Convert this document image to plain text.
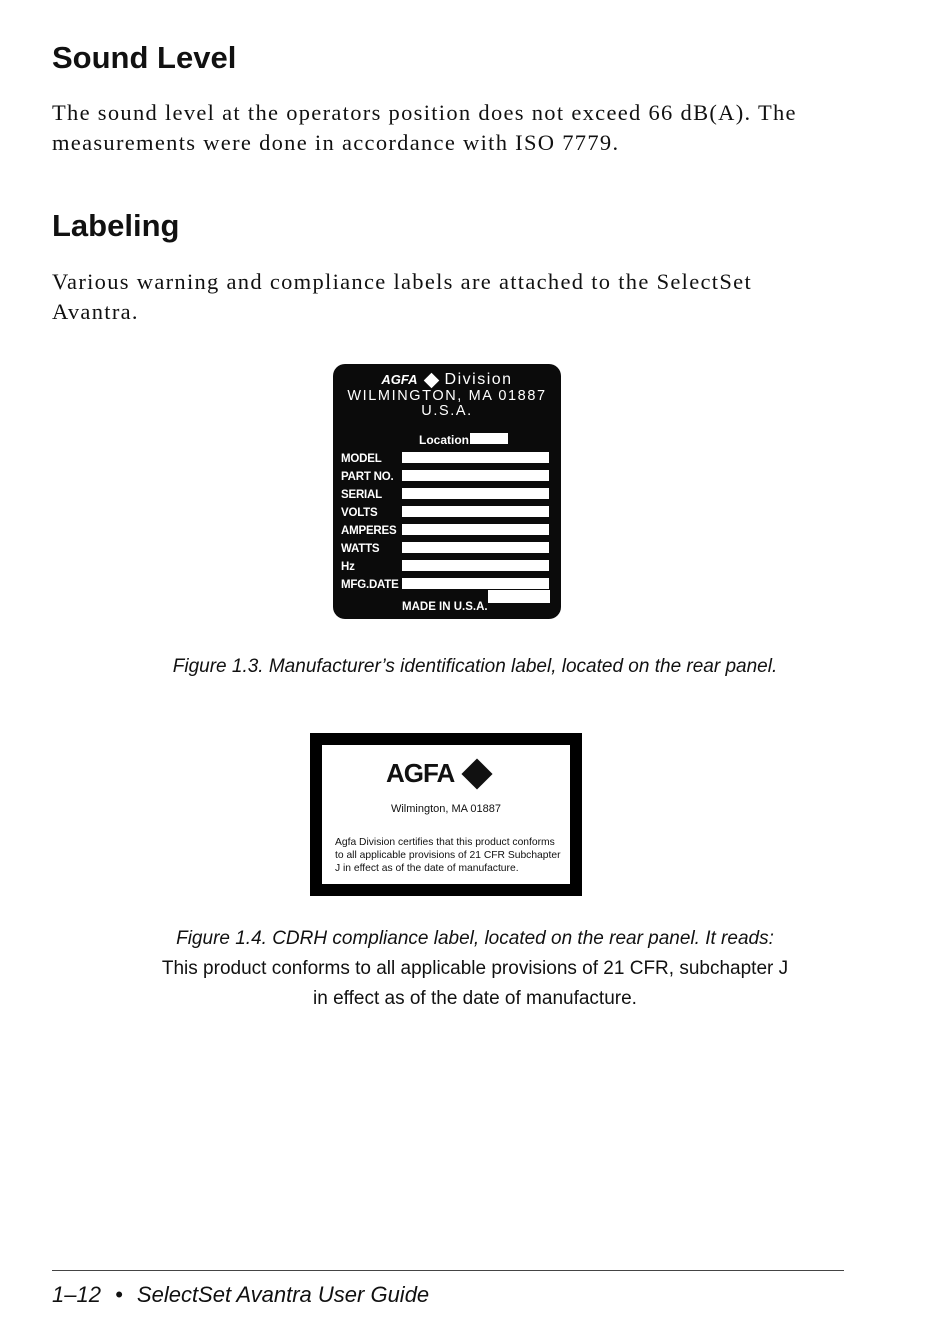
Sound Level

The sound level at the operators position does not exceed 66 dB(A). The
measurements were done in accordance with ISO 7779.

Labeling

Various warning and compliance labels are attached to the SelectSet
Avantra.

AGFA Division
WILMINGTON, MA 01887
U.S.A.
Location
MODEL
PART NO.
SERIAL
VOLTS
AMPERES
WATTS
Hz
MFG.DATE
MADE IN U.S.A.

Figure 1.3. Manufacturer’s identification label, located on the rear panel.

AGFA
Wilmington, MA 01887

Agfa Division certifies that this product conforms to all applicable provisions of 21 CFR Subchapter J in effect as of the date of manufacture.

Figure 1.4. CDRH compliance label, located on the rear panel. It reads:

This product conforms to all applicable provisions of 21 CFR, subchapter J

in effect as of the date of manufacture.

1–12 • SelectSet Avantra User Guide
